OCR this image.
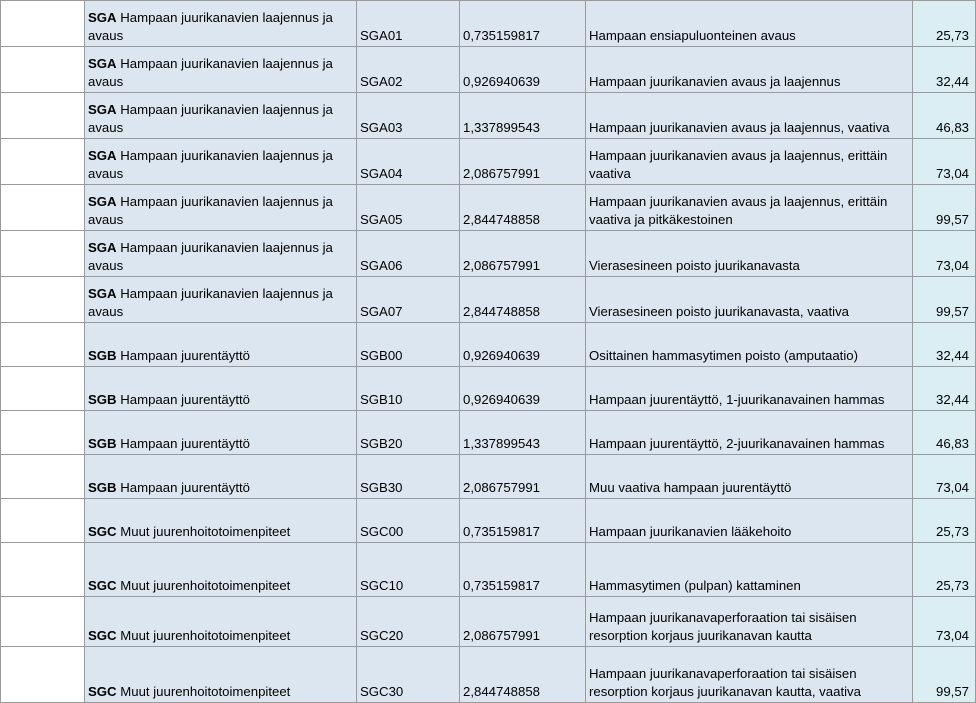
	SGA Hampaan juurikanavien laajennus ja avaus	SGA01	0,735159817	Hampaan ensiapuluonteinen avaus	25,73
	SGA Hampaan juurikanavien laajennus ja avaus	SGA02	0,926940639	Hampaan juurikanavien avaus ja laajennus	32,44
	SGA Hampaan juurikanavien laajennus ja avaus	SGA03	1,337899543	Hampaan juurikanavien avaus ja laajennus, vaativa	46,83
	SGA Hampaan juurikanavien laajennus ja avaus	SGA04	2,086757991	Hampaan juurikanavien avaus ja laajennus, erittäin vaativa	73,04
	SGA Hampaan juurikanavien laajennus ja avaus	SGA05	2,844748858	Hampaan juurikanavien avaus ja laajennus, erittäin vaativa ja pitkäkestoinen	99,57
	SGA Hampaan juurikanavien laajennus ja avaus	SGA06	2,086757991	Vierasesineen poisto juurikanavasta	73,04
	SGA Hampaan juurikanavien laajennus ja avaus	SGA07	2,844748858	Vierasesineen poisto juurikanavasta, vaativa	99,57
	SGB Hampaan juurentäyttö	SGB00	0,926940639	Osittainen hammasytimen poisto (amputaatio)	32,44
	SGB Hampaan juurentäyttö	SGB10	0,926940639	Hampaan juurentäyttö, 1-juurikanavainen hammas	32,44
	SGB Hampaan juurentäyttö	SGB20	1,337899543	Hampaan juurentäyttö, 2-juurikanavainen hammas	46,83
	SGB Hampaan juurentäyttö	SGB30	2,086757991	Muu vaativa hampaan juurentäyttö	73,04
	SGC Muut juurenhoitotoimenpiteet	SGC00	0,735159817	Hampaan juurikanavien lääkehoito	25,73
	SGC Muut juurenhoitotoimenpiteet	SGC10	0,735159817	Hammasytimen (pulpan) kattaminen	25,73
	SGC Muut juurenhoitotoimenpiteet	SGC20	2,086757991	Hampaan juurikanavaperforaation tai sisäisen resorption korjaus juurikanavan kautta	73,04
	SGC Muut juurenhoitotoimenpiteet	SGC30	2,844748858	Hampaan juurikanavaperforaation tai sisäisen resorption korjaus juurikanavan kautta, vaativa	99,57
